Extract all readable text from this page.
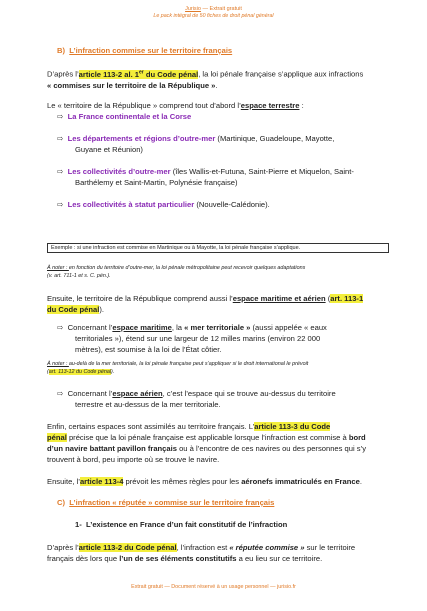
Jurisio — Extrait gratuit
Le pack intégral de 50 fiches de droit pénal général
B) L’infraction commise sur le territoire français
D’après l’article 113-2 al. 1er du Code pénal, la loi pénale française s’applique aux infractions
« commises sur le territoire de la République ».
Le « territoire de la République » comprend tout d’abord l’espace terrestre :
⇨ La France continentale et la Corse
⇨ Les départements et régions d’outre-mer (Martinique, Guadeloupe, Mayotte,
Guyane et Réunion)
⇨ Les collectivités d’outre-mer (îles Wallis-et-Futuna, Saint-Pierre et Miquelon, Saint-
Barthélemy et Saint-Martin, Polynésie française)
⇨ Les collectivités à statut particulier (Nouvelle-Calédonie).
Exemple : si une infraction est commise en Martinique ou à Mayotte, la loi pénale française s’applique.
À noter : en fonction du territoire d’outre-mer, la loi pénale métropolitaine peut recevoir quelques adaptations
(v. art. 711-1 et s. C. pén.).
Ensuite, le territoire de la République comprend aussi l’espace maritime et aérien (art. 113-1
du Code pénal).
⇨ Concernant l’espace maritime, la « mer territoriale » (aussi appelée « eaux
territoriales »), étend sur une largeur de 12 milles marins (environ 22 000
mètres), est soumise à la loi de l’État côtier.
À noter : au-delà de la mer territoriale, la loi pénale française peut s’appliquer si le droit international le prévoit
(art. 113-12 du Code pénal).
⇨ Concernant l’espace aérien, c’est l’espace qui se trouve au-dessus du territoire
terrestre et au-dessus de la mer territoriale.
Enfin, certains espaces sont assimilés au territoire français. L’article 113-3 du Code
pénal précise que la loi pénale française est applicable lorsque l’infraction est commise à bord
d’un navire battant pavillon français ou à l’encontre de ces navires ou des personnes qui s’y
trouvent à bord, peu importe où se trouve le navire.
Ensuite, l’article 113-4 prévoit les mêmes règles pour les aéronefs immatriculés en France.
C) L’infraction « réputée » commise sur le territoire français
1- L’existence en France d’un fait constitutif de l’infraction
D’après l’article 113-2 du Code pénal, l’infraction est « réputée commise » sur le territoire
français dès lors que l’un de ses éléments constitutifs a eu lieu sur ce territoire.
Extrait gratuit — Document réservé à un usage personnel — jurisio.fr
